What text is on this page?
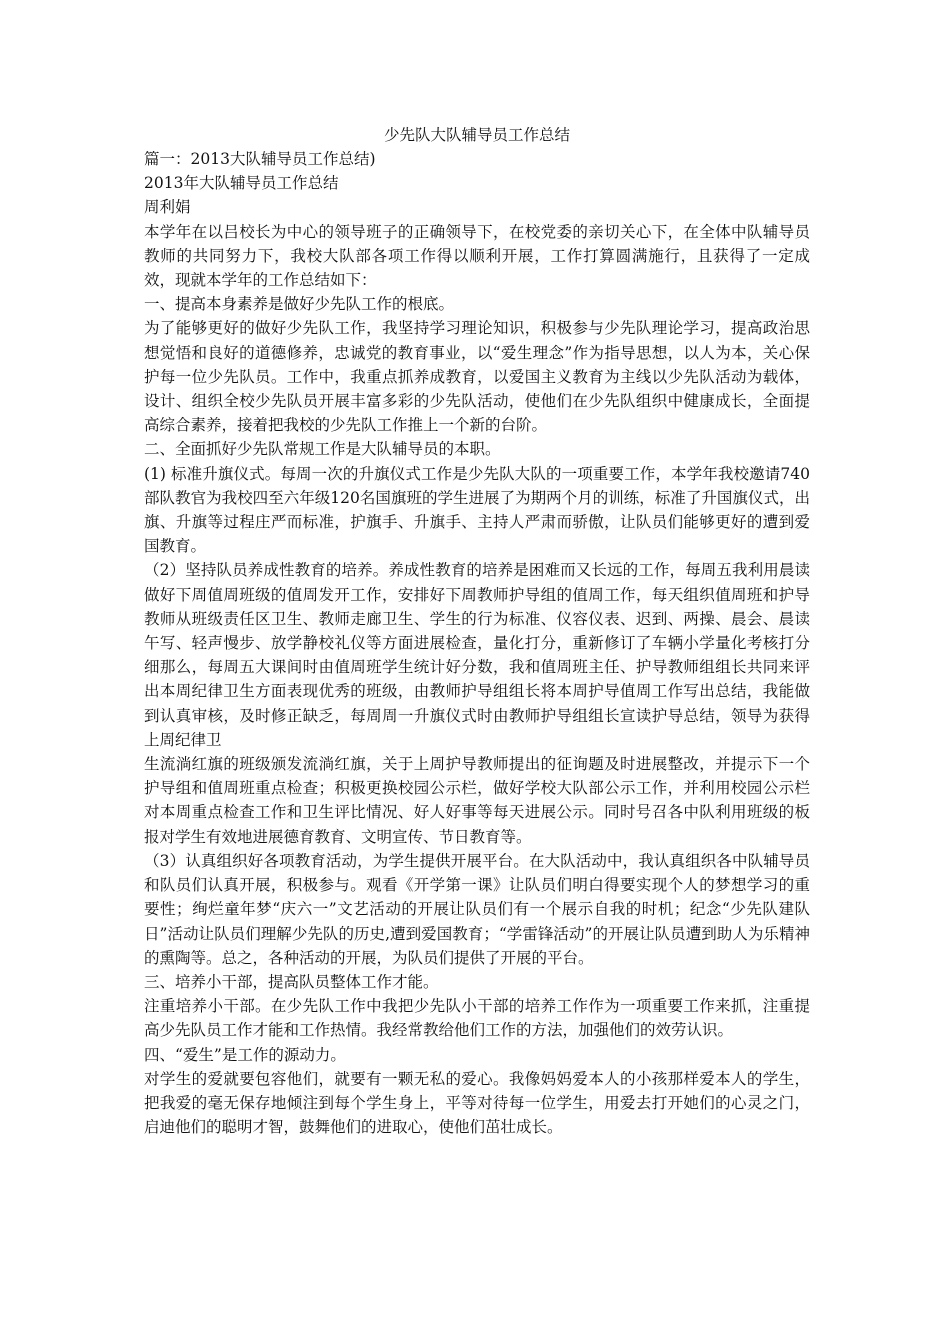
少先队大队辅导员工作总结

篇一：2013大队辅导员工作总结)

2013年大队辅导员工作总结

周利娟

本学年在以吕校长为中心的领导班子的正确领导下，在校党委的亲切关心下，在全体中队辅导员教师的共同努力下，我校大队部各项工作得以顺利开展，工作打算圆满施行，且获得了一定成效，现就本学年的工作总结如下：

一、提高本身素养是做好少先队工作的根底。

为了能够更好的做好少先队工作，我坚持学习理论知识，积极参与少先队理论学习，提高政治思想觉悟和良好的道德修养，忠诚党的教育事业，以“爱生理念”作为指导思想，以人为本，关心保护每一位少先队员。工作中，我重点抓养成教育，以爱国主义教育为主线以少先队活动为载体，设计、组织全校少先队员开展丰富多彩的少先队活动，使他们在少先队组织中健康成长，全面提高综合素养，接着把我校的少先队工作推上一个新的台阶。

二、全面抓好少先队常规工作是大队辅导员的本职。

(1) 标准升旗仪式。每周一次的升旗仪式工作是少先队大队的一项重要工作，本学年我校邀请740部队教官为我校四至六年级120名国旗班的学生进展了为期两个月的训练，标准了升国旗仪式，出旗、升旗等过程庄严而标准，护旗手、升旗手、主持人严肃而骄傲，让队员们能够更好的遭到爱国教育。

（2）坚持队员养成性教育的培养。养成性教育的培养是困难而又长远的工作，每周五我利用晨读做好下周值周班级的值周发开工作，安排好下周教师护导组的值周工作，每天组织值周班和护导教师从班级责任区卫生、教师走廊卫生、学生的行为标准、仪容仪表、迟到、两操、晨会、晨读午写、轻声慢步、放学静校礼仪等方面进展检查，量化打分，重新修订了车辆小学量化考核打分细那么，每周五大课间时由值周班学生统计好分数，我和值周班主任、护导教师组组长共同来评出本周纪律卫生方面表现优秀的班级，由教师护导组组长将本周护导值周工作写出总结，我能做到认真审核，及时修正缺乏，每周周一升旗仪式时由教师护导组组长宣读护导总结，领导为获得上周纪律卫

生流淌红旗的班级颁发流淌红旗，关于上周护导教师提出的征询题及时进展整改，并提示下一个护导组和值周班重点检查；积极更换校园公示栏，做好学校大队部公示工作，并利用校园公示栏对本周重点检查工作和卫生评比情况、好人好事等每天进展公示。同时号召各中队利用班级的板报对学生有效地进展德育教育、文明宣传、节日教育等。

（3）认真组织好各项教育活动，为学生提供开展平台。在大队活动中，我认真组织各中队辅导员和队员们认真开展，积极参与。观看《开学第一课》让队员们明白得要实现个人的梦想学习的重要性；绚烂童年梦“庆六一”文艺活动的开展让队员们有一个展示自我的时机；纪念“少先队建队日”活动让队员们理解少先队的历史,遭到爱国教育；“学雷锋活动”的开展让队员遭到助人为乐精神的熏陶等。总之，各种活动的开展，为队员们提供了开展的平台。

三、培养小干部，提高队员整体工作才能。

注重培养小干部。在少先队工作中我把少先队小干部的培养工作作为一项重要工作来抓，注重提高少先队员工作才能和工作热情。我经常教给他们工作的方法，加强他们的效劳认识。

四、“爱生”是工作的源动力。

对学生的爱就要包容他们，就要有一颗无私的爱心。我像妈妈爱本人的小孩那样爱本人的学生，把我爱的毫无保存地倾注到每个学生身上，平等对待每一位学生，用爱去打开她们的心灵之门，启迪他们的聪明才智，鼓舞他们的进取心，使他们茁壮成长。
